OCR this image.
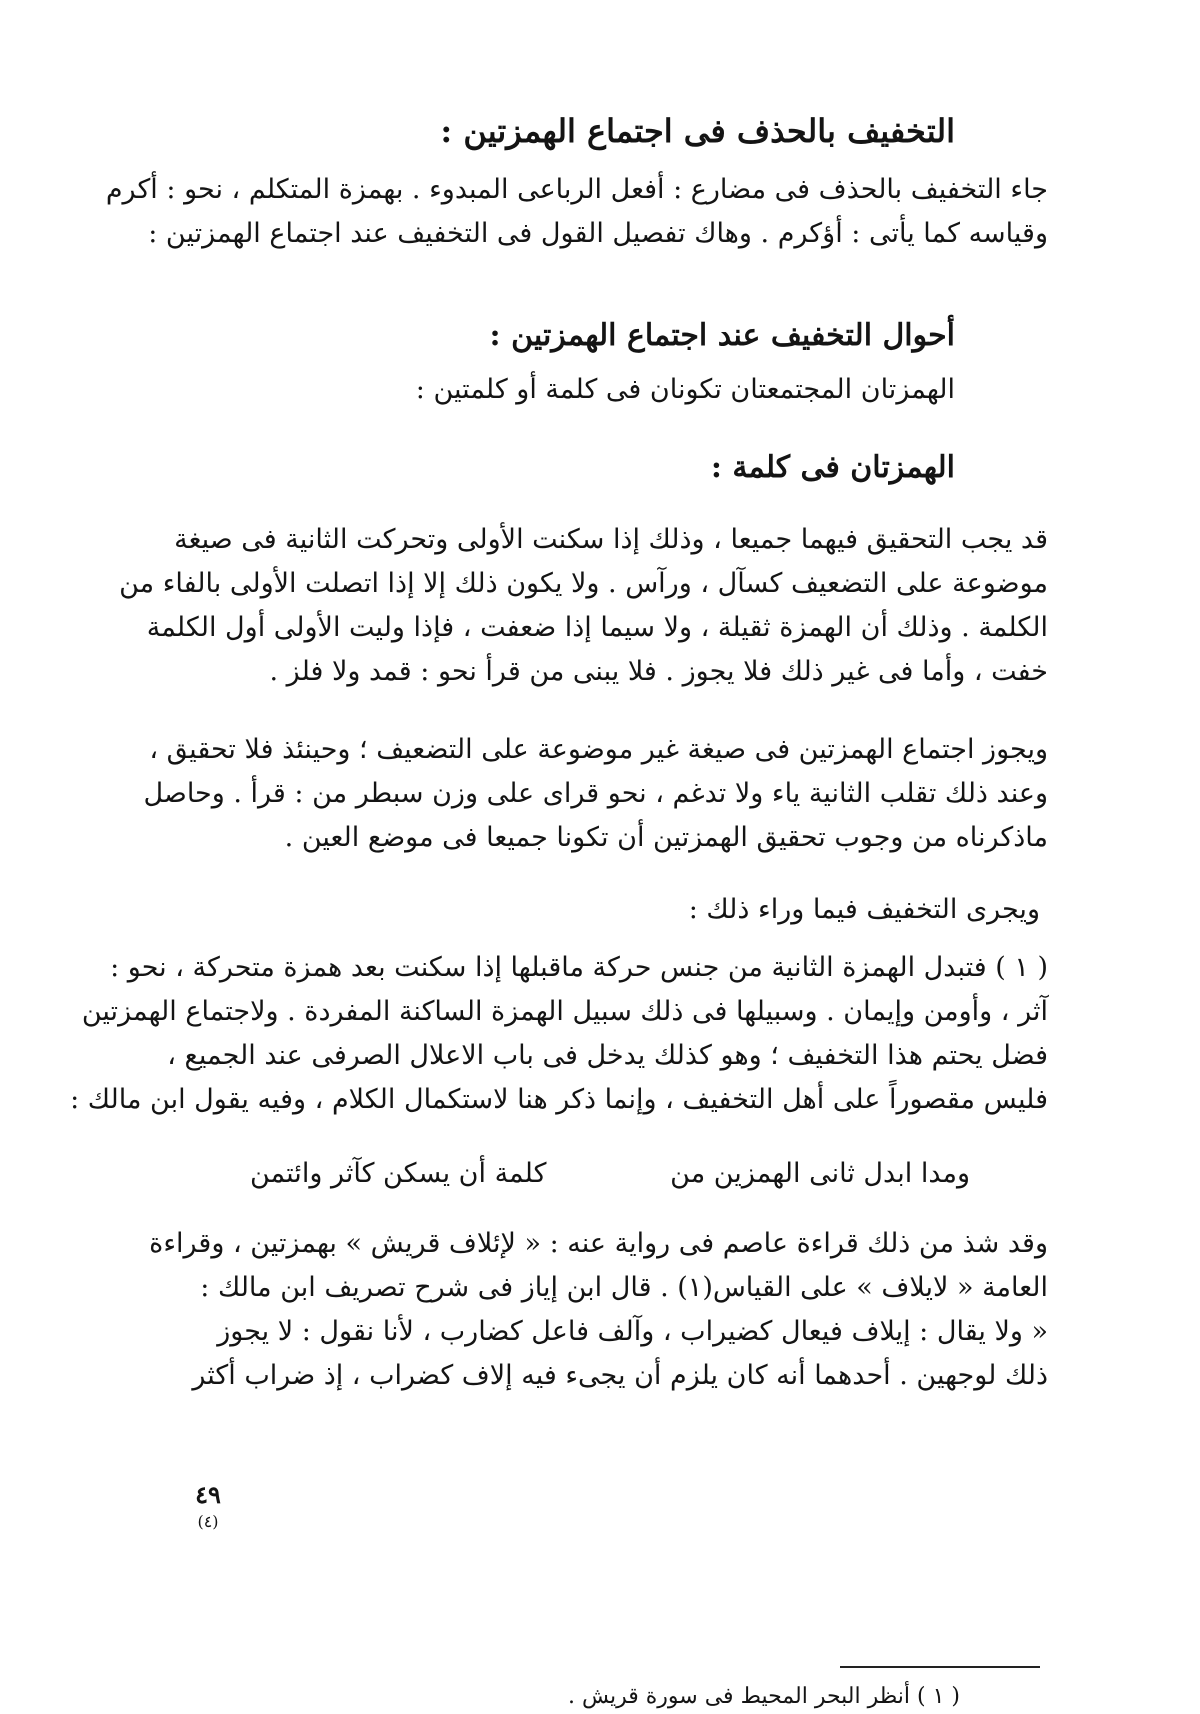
التخفيف بالحذف فى اجتماع الهمزتين :
جاء التخفيف بالحذف فى مضارع : أفعل الرباعى المبدوء . بهمزة المتكلم ، نحو : أكرم
وقياسه كما يأتى : أؤكرم . وهاك تفصيل القول فى التخفيف عند اجتماع الهمزتين :
أحوال التخفيف عند اجتماع الهمزتين :
الهمزتان المجتمعتان تكونان فى كلمة أو كلمتين :
الهمزتان فى كلمة :
قد يجب التحقيق فيهما جميعا ، وذلك إذا سكنت الأولى وتحركت الثانية فى صيغة
موضوعة على التضعيف كسآل ، ورآس . ولا يكون ذلك إلا إذا اتصلت الأولى بالفاء من
الكلمة . وذلك أن الهمزة ثقيلة ، ولا سيما إذا ضعفت ، فإذا وليت الأولى أول الكلمة
خفت ، وأما فى غير ذلك فلا يجوز . فلا يبنى من قرأ نحو : قمد ولا فلز .
ويجوز اجتماع الهمزتين فى صيغة غير موضوعة على التضعيف ؛ وحينئذ فلا تحقيق ،
وعند ذلك تقلب الثانية ياء ولا تدغم ، نحو قراى على وزن سبطر من : قرأ . وحاصل
ماذكرناه من وجوب تحقيق الهمزتين أن تكونا جميعا فى موضع العين .
ويجرى التخفيف فيما وراء ذلك :
( ١ ) فتبدل الهمزة الثانية من جنس حركة ماقبلها إذا سكنت بعد همزة متحركة ، نحو :
آثر ، وأومن وإيمان . وسبيلها فى ذلك سبيل الهمزة الساكنة المفردة . ولاجتماع الهمزتين
فضل يحتم هذا التخفيف ؛ وهو كذلك يدخل فى باب الاعلال الصرفى عند الجميع ،
فليس مقصوراً على أهل التخفيف ، وإنما ذكر هنا لاستكمال الكلام ، وفيه يقول ابن مالك :
ومدا ابدل ثانى الهمزين من
كلمة أن يسكن كآثر وائتمن
وقد شذ من ذلك قراءة عاصم فى رواية عنه : « لإئلاف قريش » بهمزتين ، وقراءة
العامة « لايلاف » على القياس(١) . قال ابن إياز فى شرح تصريف ابن مالك :
« ولا يقال : إيلاف فيعال كضيراب ، وآلف فاعل كضارب ، لأنا نقول : لا يجوز
ذلك لوجهين . أحدهما أنه كان يلزم أن يجىء فيه إلاف كضراب ، إذ ضراب أكثر
( ١ ) أنظر البحر المحيط فى سورة قريش .
٤٩
(٤)
